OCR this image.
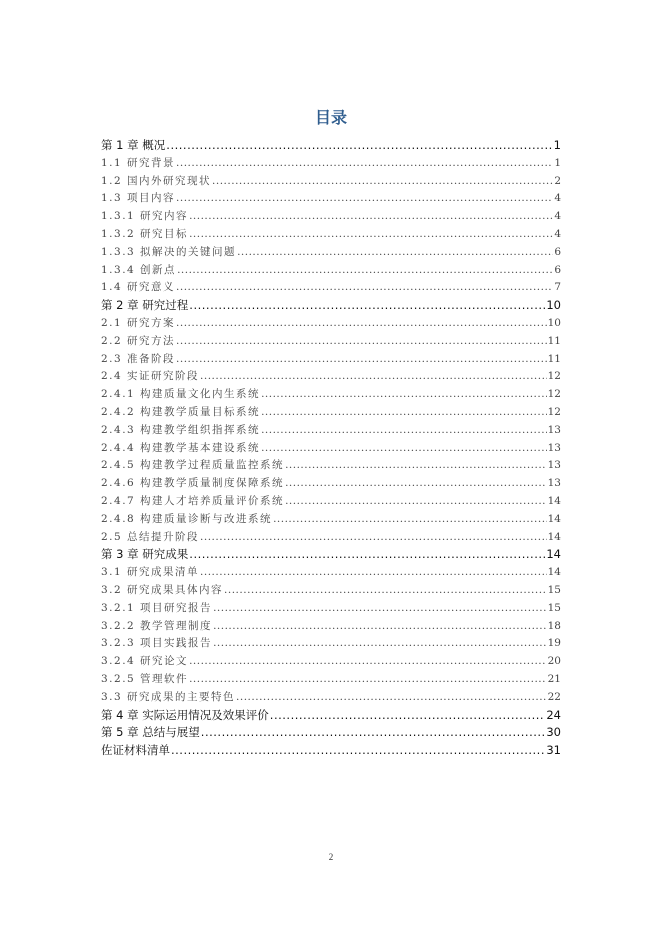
目录
第 1 章 概况 .....	1
1.1 研究背景 .....	1
1.2 国内外研究现状 .....	2
1.3 项目内容 .....	4
1.3.1 研究内容 .....	4
1.3.2 研究目标 .....	4
1.3.3 拟解决的关键问题 .....	6
1.3.4 创新点 .....	6
1.4 研究意义 .....	7
第 2 章 研究过程 .....	10
2.1 研究方案 .....	10
2.2 研究方法 .....	11
2.3 准备阶段 .....	11
2.4 实证研究阶段 .....	12
2.4.1 构建质量文化内生系统 .....	12
2.4.2 构建教学质量目标系统 .....	12
2.4.3 构建教学组织指挥系统 .....	13
2.4.4 构建教学基本建设系统 .....	13
2.4.5 构建教学过程质量监控系统 .....	13
2.4.6 构建教学质量制度保障系统 .....	13
2.4.7 构建人才培养质量评价系统 .....	14
2.4.8 构建质量诊断与改进系统 .....	14
2.5 总结提升阶段 .....	14
第 3 章 研究成果 .....	14
3.1 研究成果清单 .....	14
3.2 研究成果具体内容 .....	15
3.2.1 项目研究报告 .....	15
3.2.2 教学管理制度 .....	18
3.2.3 项目实践报告 .....	19
3.2.4 研究论文 .....	20
3.2.5 管理软件 .....	21
3.3 研究成果的主要特色 .....	22
第 4 章 实际运用情况及效果评价 .....	24
第 5 章 总结与展望 .....	30
佐证材料清单 .....	31
2
